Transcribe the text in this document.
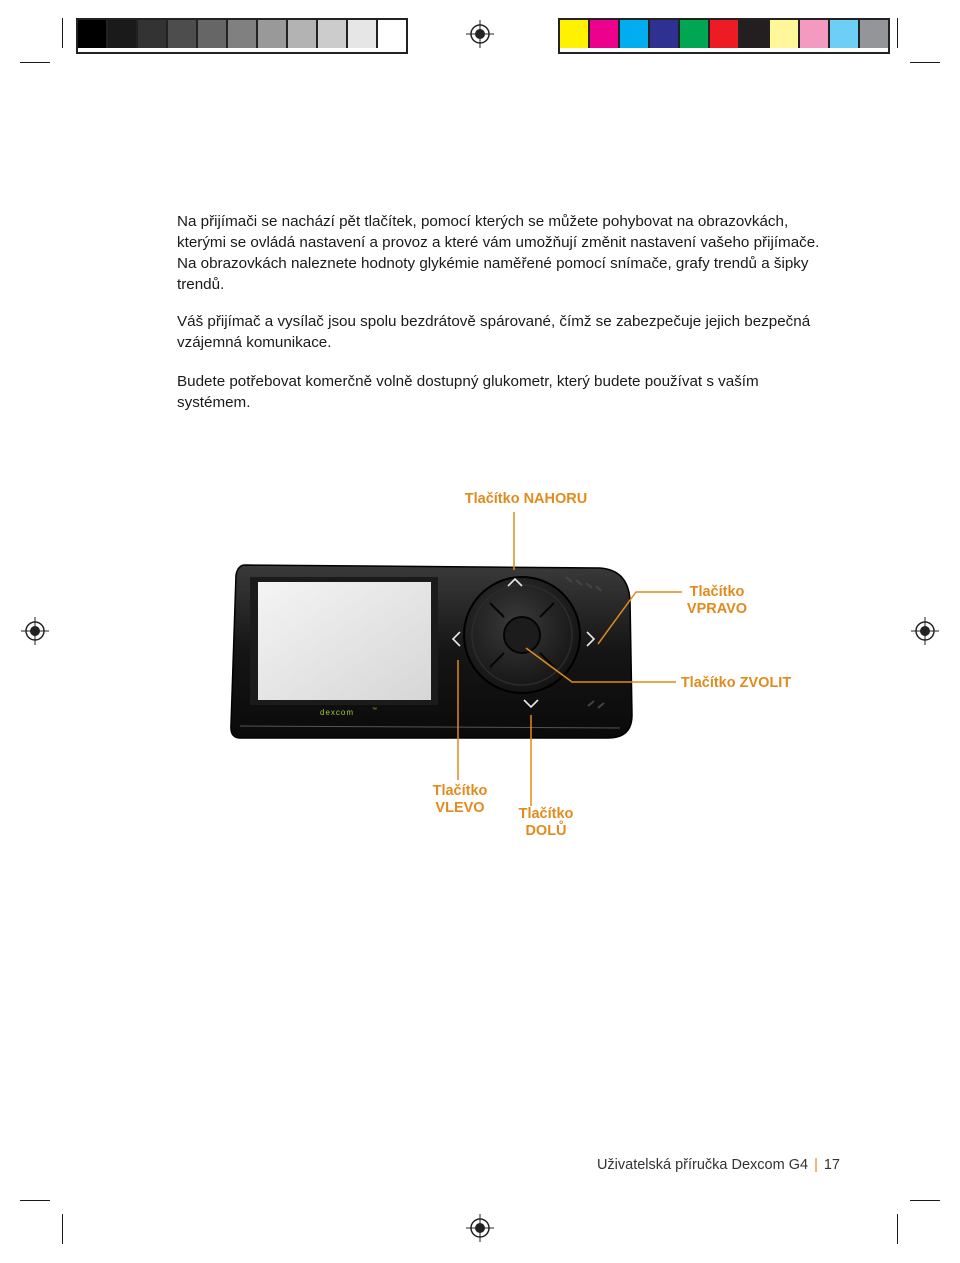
Na přijímači se nachází pět tlačítek, pomocí kterých se můžete pohybovat na obrazovkách, kterými se ovládá nastavení a provoz a které vám umožňují změnit nastavení vašeho přijímače. Na obrazovkách naleznete hodnoty glykémie naměřené pomocí snímače, grafy trendů a šipky trendů.

Váš přijímač a vysílač jsou spolu bezdrátově spárované, čímž se zabezpečuje jejich bezpečná vzájemná komunikace.

Budete potřebovat komerčně volně dostupný glukometr, který budete používat s vaším systémem.

dexcom	™
Tlačítko NAHORU
Tlačítko VPRAVO
Tlačítko ZVOLIT
Tlačítko VLEVO	Tlačítko DOLŮ
Uživatelská příručka Dexcom G4 | 17
